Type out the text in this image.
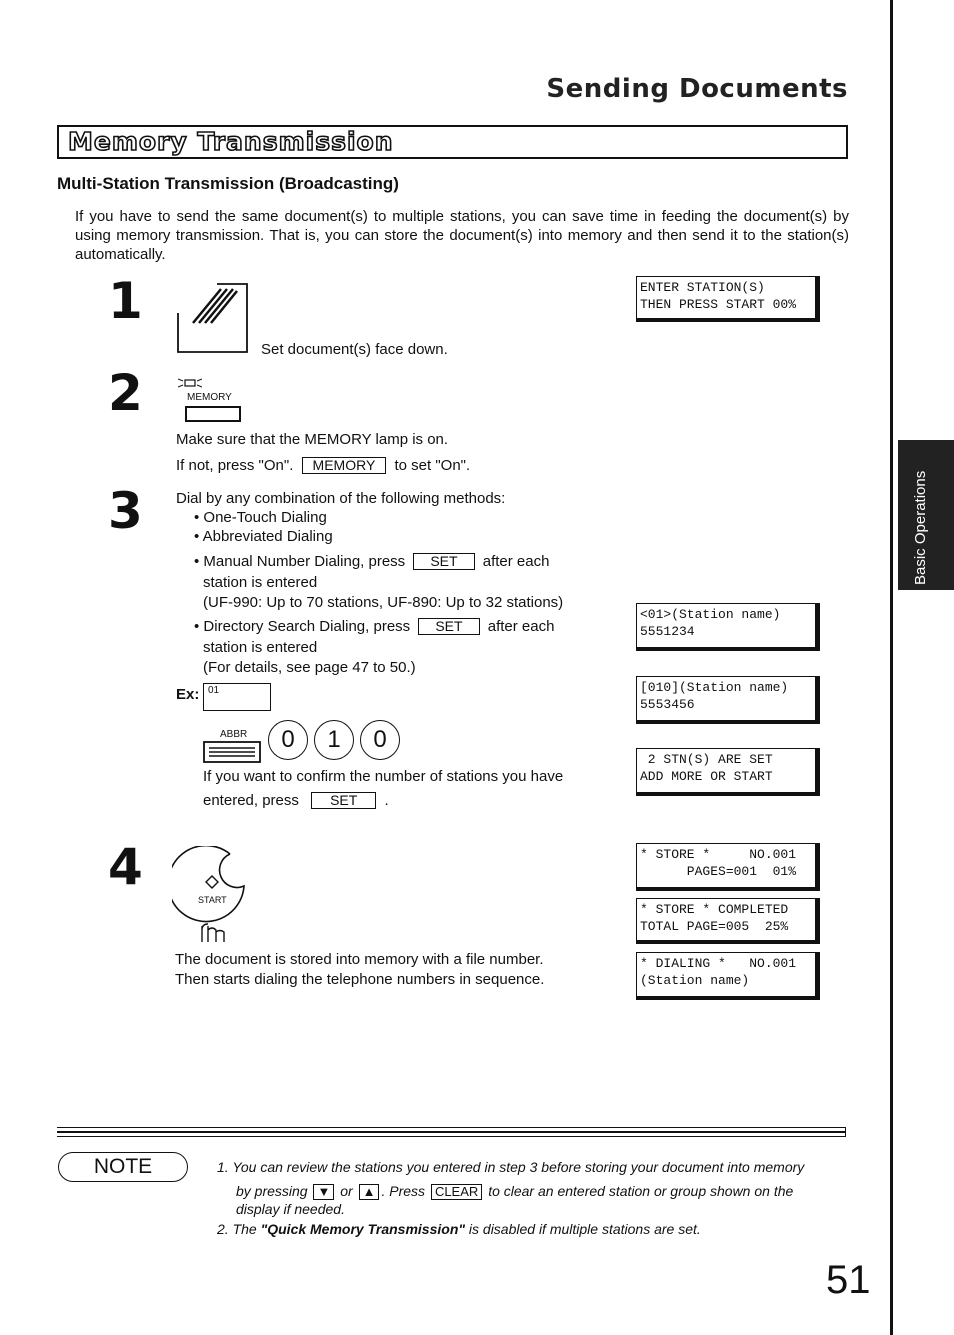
Sending Documents
Memory Transmission
Multi-Station Transmission (Broadcasting)
If you have to send the same document(s) to multiple stations, you can save time in feeding the document(s) by using memory transmission. That is, you can store the document(s) into memory and then send it to the station(s) automatically.
1
Set document(s) face down.
2	MEMORY
Make sure that the MEMORY lamp is on.
If not, press "On". MEMORY to set "On".
3 Dial by any combination of the following methods:
• One-Touch Dialing
• Abbreviated Dialing
• Manual Number Dialing, press SET after each
station is entered
(UF-990: Up to 70 stations, UF-890: Up to 32 stations)
• Directory Search Dialing, press SET after each
station is entered
(For details, see page 47 to 50.)
Ex: 01
ABBR	0 1 0
If you want to confirm the number of stations you have
entered, press SET .
4
START
The document is stored into memory with a file number.
Then starts dialing the telephone numbers in sequence.
ENTER STATION(S)
THEN PRESS START 00%
<01>(Station name)
5551234
[010](Station name)
5553456
2 STN(S) ARE SET
ADD MORE OR START
* STORE *     NO.001
PAGES=001  01%
* STORE * COMPLETED
TOTAL PAGE=005  25%
* DIALING *   NO.001
(Station name)
Basic Operations
NOTE	1. You can review the stations you entered in step 3 before storing your document into memory
by pressing ▼ or ▲ . Press CLEAR to clear an entered station or group shown on the
display if needed.
2. The "Quick Memory Transmission" is disabled if multiple stations are set.
51
